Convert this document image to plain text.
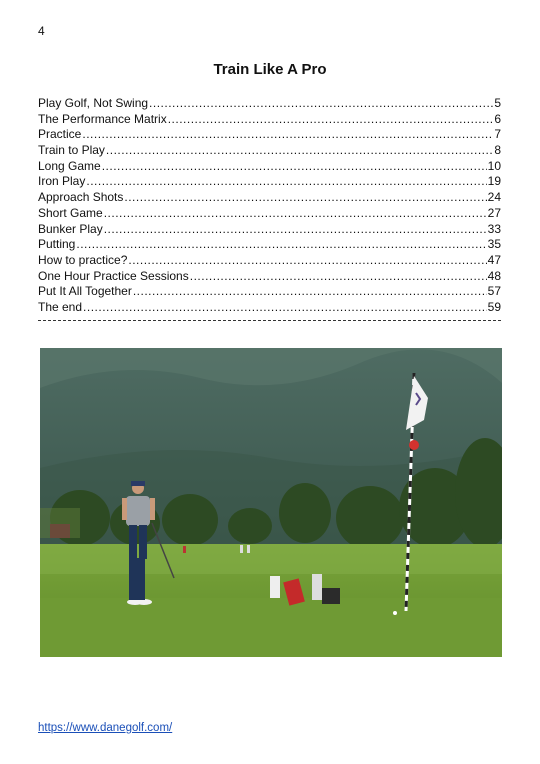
4
Train Like A Pro
Play Golf, Not Swing .....	5
The Performance Matrix .....	6
Practice .....	7
Train to Play .....	8
Long Game .....	10
Iron Play .....	19
Approach Shots .....	24
Short Game .....	27
Bunker Play .....	33
Putting .....	35
How to practice? .....	47
One Hour Practice Sessions .....	48
Put It All Together .....	57
The end .....	59
https://www.danegolf.com/
